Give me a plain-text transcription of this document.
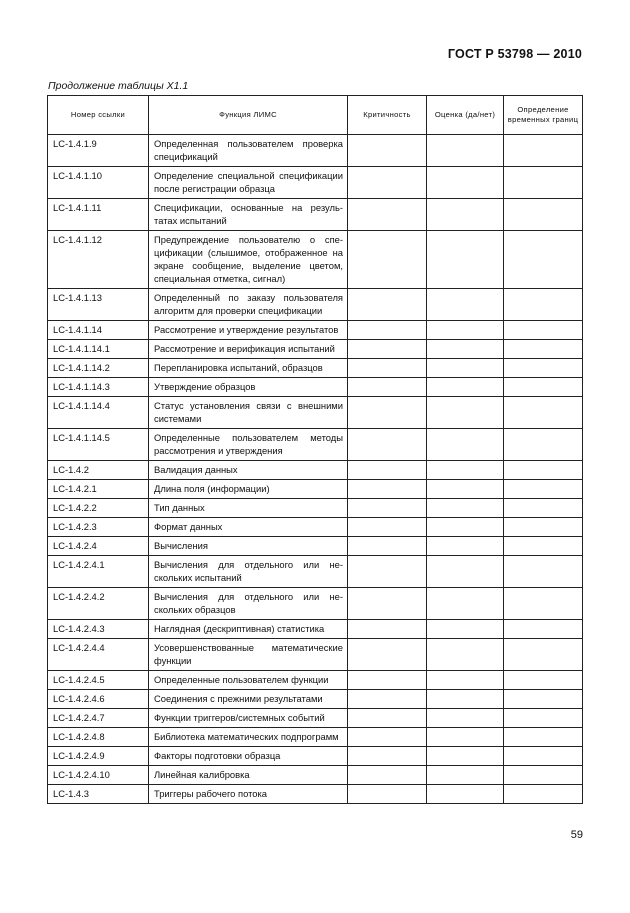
ГОСТ Р 53798 — 2010
Продолжение таблицы X1.1
Номер ссылки	Функция ЛИМС	Критичность	Оценка (да/нет)	Определение временных границ
LC-1.4.1.9	Определенная пользователем проверка спецификаций			
LC-1.4.1.10	Определение специальной спецификации после регистрации образца			
LC-1.4.1.11	Спецификации, основанные на результатах испытаний			
LC-1.4.1.12	Предупреждение пользователю о спецификации (слышимое, отображенное на экране сообщение, выделение цветом, специальная отметка, сигнал)			
LC-1.4.1.13	Определенный по заказу пользователя алгоритм для проверки спецификации			
LC-1.4.1.14	Рассмотрение и утверждение результатов			
LC-1.4.1.14.1	Рассмотрение и верификация испытаний			
LC-1.4.1.14.2	Перепланировка испытаний, образцов			
LC-1.4.1.14.3	Утверждение образцов			
LC-1.4.1.14.4	Статус установления связи с внешними системами			
LC-1.4.1.14.5	Определенные пользователем методы рассмотрения и утверждения			
LC-1.4.2	Валидация данных			
LC-1.4.2.1	Длина поля (информации)			
LC-1.4.2.2	Тип данных			
LC-1.4.2.3	Формат данных			
LC-1.4.2.4	Вычисления			
LC-1.4.2.4.1	Вычисления для отдельного или нескольких испытаний			
LC-1.4.2.4.2	Вычисления для отдельного или нескольких образцов			
LC-1.4.2.4.3	Наглядная (дескриптивная) статистика			
LC-1.4.2.4.4	Усовершенствованные математические функции			
LC-1.4.2.4.5	Определенные пользователем функции			
LC-1.4.2.4.6	Соединения с прежними результатами			
LC-1.4.2.4.7	Функции триггеров/системных событий			
LC-1.4.2.4.8	Библиотека математических подпрограмм			
LC-1.4.2.4.9	Факторы подготовки образца			
LC-1.4.2.4.10	Линейная калибровка			
LC-1.4.3	Триггеры рабочего потока			
59
